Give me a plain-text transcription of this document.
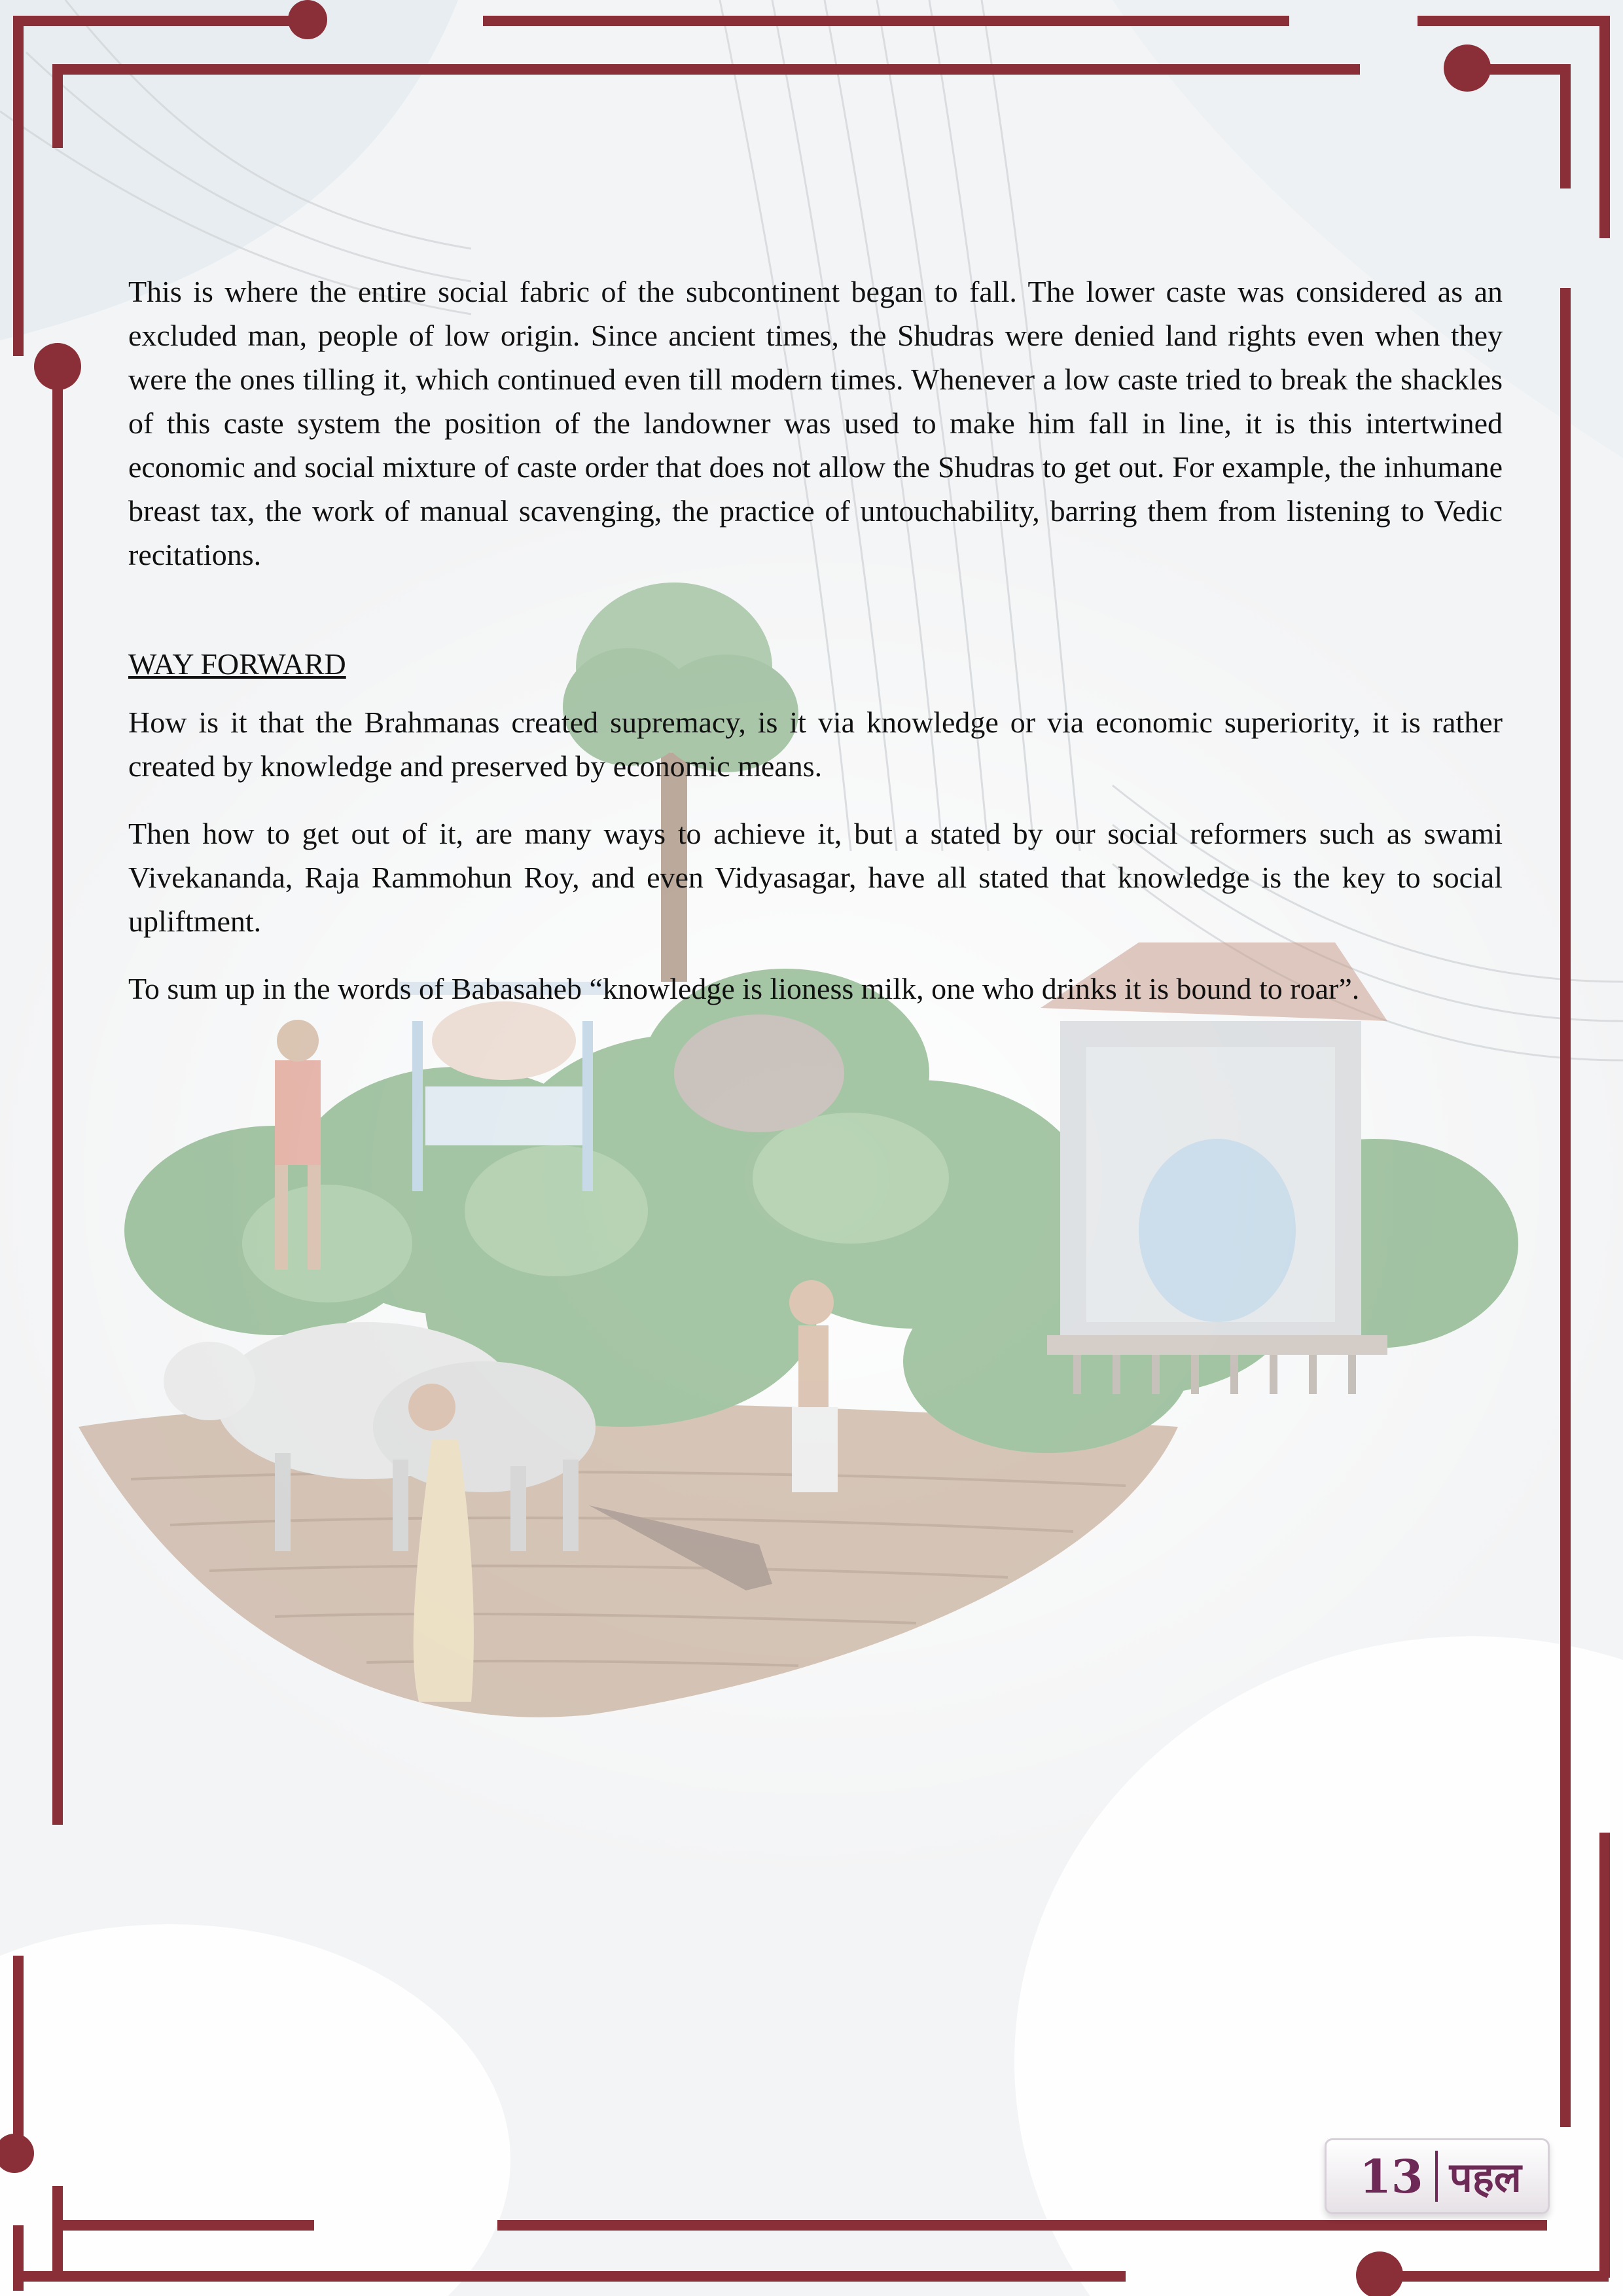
This is where the entire social fabric of the subcontinent began to fall. The lower caste was considered as an excluded man, people of low origin. Since ancient times, the Shudras were denied land rights even when they were the ones tilling it, which continued even till modern times. Whenever a low caste tried to break the shackles of this caste system the position of the landowner was used to make him fall in line, it is this intertwined economic and social mixture of caste order that does not allow the Shudras to get out. For example, the inhumane breast tax, the work of manual scavenging, the practice of untouchability, barring them from listening to Vedic recitations.

WAY FORWARD

How is it that the Brahmanas created supremacy, is it via knowledge or via economic superiority, it is rather created by knowledge and preserved by economic means.

Then how to get out of it, are many ways to achieve it, but a stated by our social reformers such as swami Vivekananda, Raja Rammohun Roy, and even Vidyasagar, have all stated that knowledge is the key to social upliftment.

To sum up in the words of Babasaheb “knowledge is lioness milk, one who drinks it is bound to roar”.

13 पहल
